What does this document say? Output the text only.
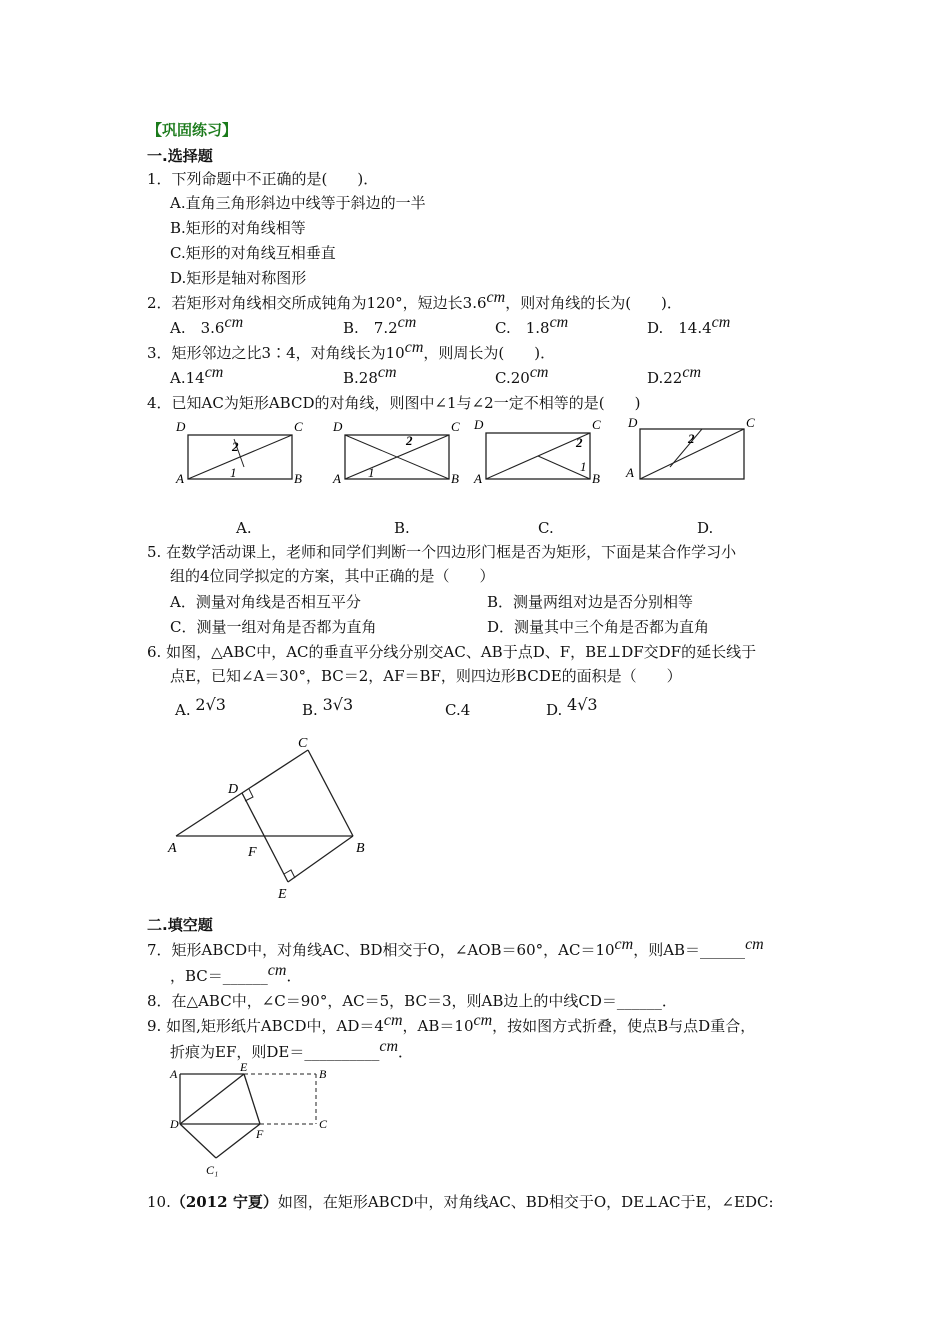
【巩固练习】
一.选择题
1．下列命题中不正确的是(　　)．
A.直角三角形斜边中线等于斜边的一半
B.矩形的对角线相等
C.矩形的对角线互相垂直
D.矩形是轴对称图形
2．若矩形对角线相交所成钝角为120°，短边长3.6cm，则对角线的长为(　　)．
A.　3.6cm	B.　7.2cm	C.　1.8cm	D.　14.4cm
3．矩形邻边之比3∶4，对角线长为10cm，则周长为(　　)．
A.14cm	B.28cm	C.20cm	D.22cm
4．已知AC为矩形ABCD的对角线，则图中∠1与∠2一定不相等的是(　　)
D	C
A	B
2
1
D	C
A	B
2
1
D	C
A	B
2
1
D	C
A
2
A.	B.	C.	D.
5. 在数学活动课上，老师和同学们判断一个四边形门框是否为矩形，下面是某合作学习小
组的4位同学拟定的方案，其中正确的是（　　）
A．测量对角线是否相互平分	B．测量两组对边是否分别相等
C．测量一组对角是否都为直角	D．测量其中三个角是否都为直角
6. 如图，△ABC中，AC的垂直平分线分别交AC、AB于点D、F，BE⊥DF交DF的延长线于
点E，已知∠A＝30°，BC＝2，AF＝BF，则四边形BCDE的面积是（　　）
A. 2√3	B. 3√3	C.4	D. 4√3
C
D
A	F	B
E
二.填空题
7．矩形ABCD中，对角线AC、BD相交于O，∠AOB＝60°，AC＝10cm，则AB＝______cm
，BC＝______cm．
8．在△ABC中，∠C＝90°，AC＝5，BC＝3，则AB边上的中线CD＝______．
9. 如图,矩形纸片ABCD中，AD＝4cm，AB＝10cm，按如图方式折叠，使点B与点D重合，
折痕为EF，则DE＝__________cm．
A	E	B
D
F
C
C₁
10.（2012 宁夏）如图，在矩形ABCD中，对角线AC、BD相交于O，DE⊥AC于E，∠EDC:
